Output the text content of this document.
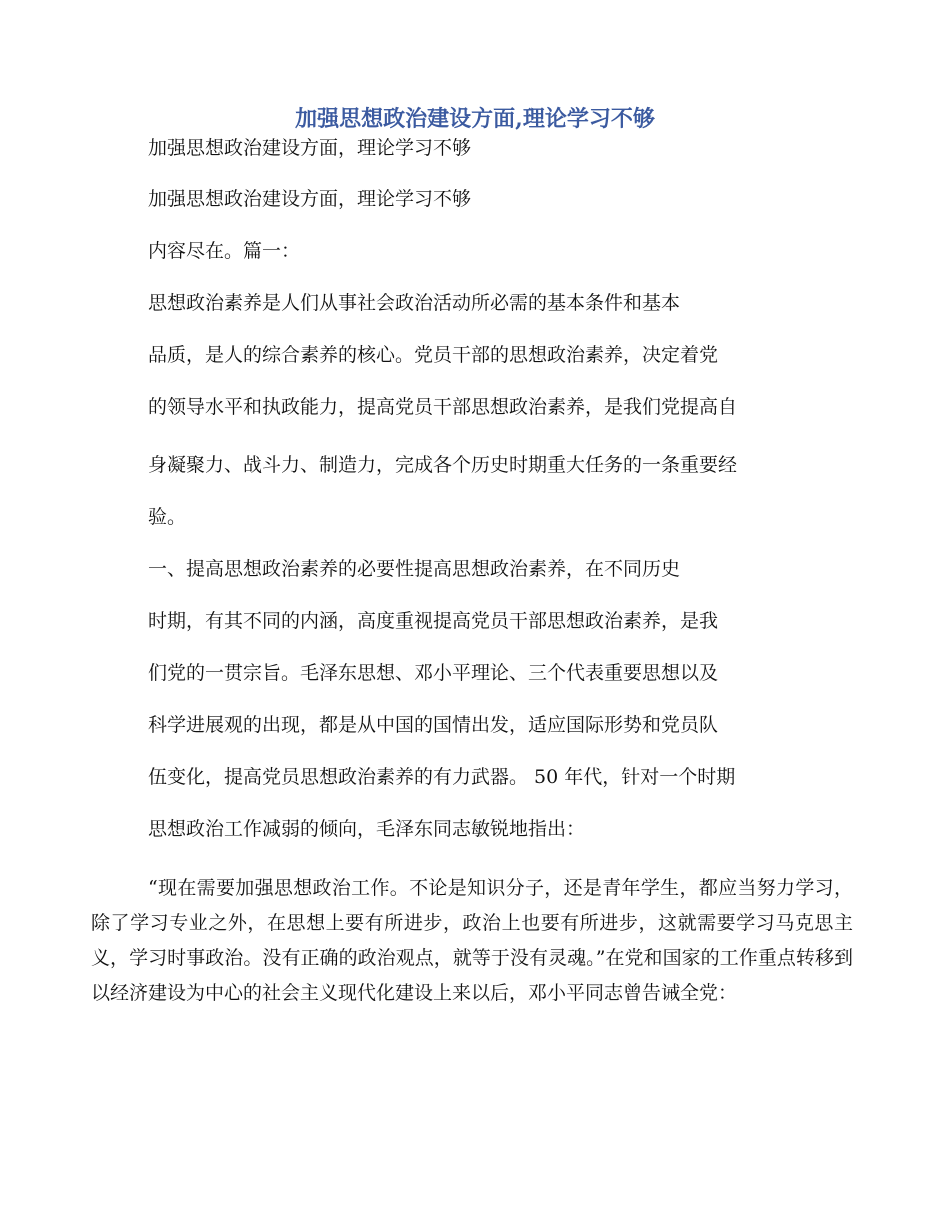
加强思想政治建设方面,理论学习不够
加强思想政治建设方面，理论学习不够
加强思想政治建设方面，理论学习不够
内容尽在。篇一：
思想政治素养是人们从事社会政治活动所必需的基本条件和基本
品质，是人的综合素养的核心。党员干部的思想政治素养，决定着党
的领导水平和执政能力，提高党员干部思想政治素养，是我们党提高自
身凝聚力、战斗力、制造力，完成各个历史时期重大任务的一条重要经
验。
一、提高思想政治素养的必要性提高思想政治素养，在不同历史
时期，有其不同的内涵，高度重视提高党员干部思想政治素养，是我
们党的一贯宗旨。毛泽东思想、邓小平理论、三个代表重要思想以及
科学进展观的出现，都是从中国的国情出发，适应国际形势和党员队
伍变化，提高党员思想政治素养的有力武器。 50 年代，针对一个时期
思想政治工作减弱的倾向，毛泽东同志敏锐地指出：

“现在需要加强思想政治工作。不论是知识分子，还是青年学生，都应当努力学习，除了学习专业之外，在思想上要有所进步，政治上也要有所进步，这就需要学习马克思主义，学习时事政治。没有正确的政治观点，就等于没有灵魂。”在党和国家的工作重点转移到以经济建设为中心的社会主义现代化建设上来以后，邓小平同志曾告诫全党：
